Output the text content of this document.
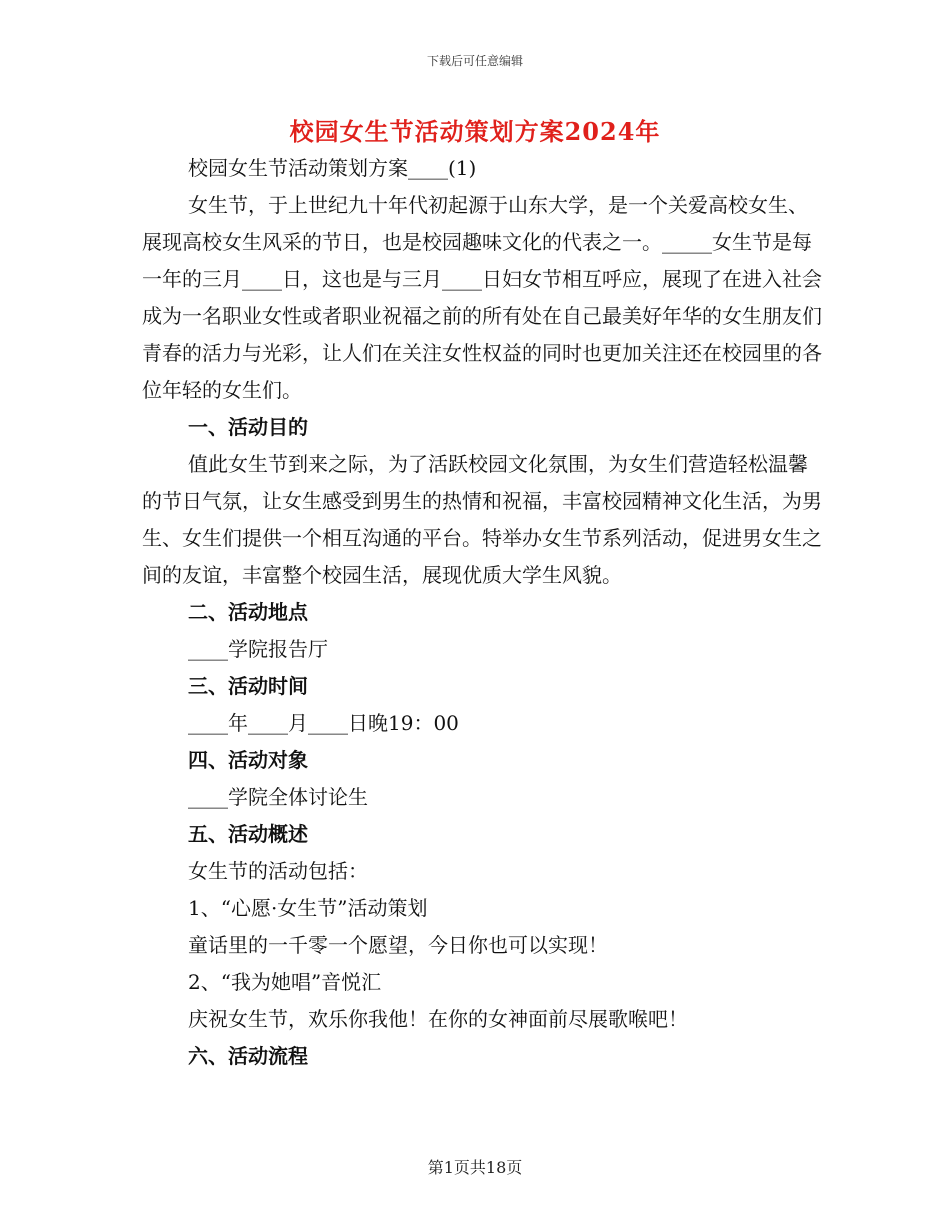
下载后可任意编辑
校园女生节活动策划方案2024年

校园女生节活动策划方案____(1)

女生节，于上世纪九十年代初起源于山东大学，是一个关爱高校女生、展现高校女生风采的节日，也是校园趣味文化的代表之一。_____女生节是每一年的三月____日，这也是与三月____日妇女节相互呼应，展现了在进入社会成为一名职业女性或者职业祝福之前的所有处在自己最美好年华的女生朋友们青春的活力与光彩，让人们在关注女性权益的同时也更加关注还在校园里的各位年轻的女生们。

一、活动目的

值此女生节到来之际，为了活跃校园文化氛围，为女生们营造轻松温馨的节日气氛，让女生感受到男生的热情和祝福，丰富校园精神文化生活，为男生、女生们提供一个相互沟通的平台。特举办女生节系列活动，促进男女生之间的友谊，丰富整个校园生活，展现优质大学生风貌。

二、活动地点

____学院报告厅

三、活动时间

____年____月____日晚19：00

四、活动对象

____学院全体讨论生

五、活动概述

女生节的活动包括：

1、“心愿·女生节”活动策划

童话里的一千零一个愿望，今日你也可以实现！

2、“我为她唱”音悦汇

庆祝女生节，欢乐你我他！在你的女神面前尽展歌喉吧！

六、活动流程

第1页共18页
